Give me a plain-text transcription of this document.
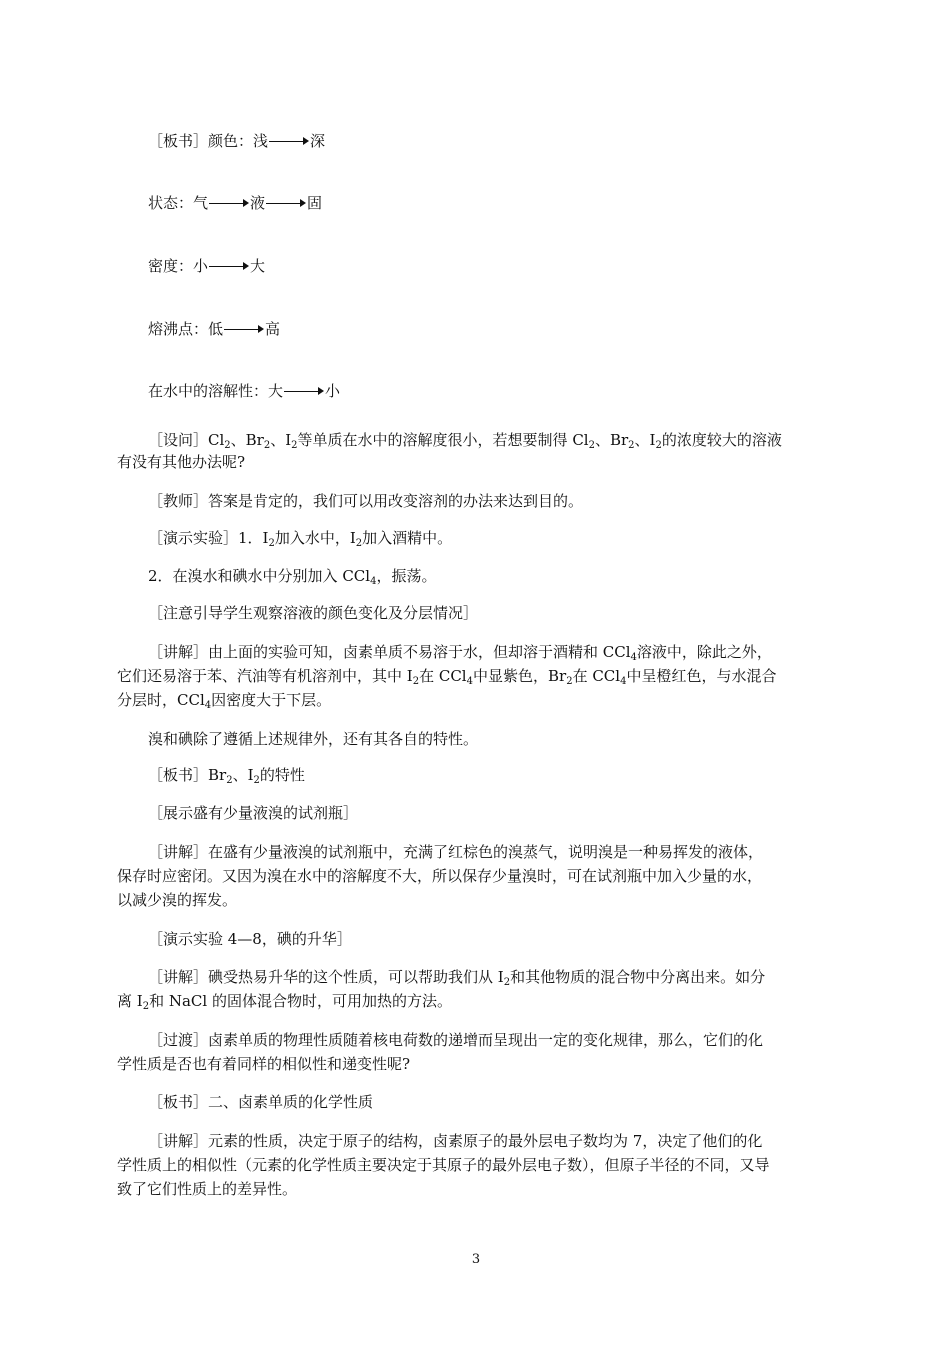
［板书］颜色：浅	深
状态：气	液	固
密度：小	大
熔沸点：低	高
在水中的溶解性：大	小
［设问$]Cl_2$、$Br_2$、$I_2$等单质在水中的溶解度很小，若想要制得 $Cl_2$、$Br_2$、$I_2$的浓度较大的溶液
有没有其他办法呢?
［教师］答案是肯定的，我们可以用改变溶剂的办法来达到目的。
［演示实验］1．$I_2$加入水中，$I_2$加入酒精中。
2．在溴水和碘水中分别加入 CCl$_4$，振荡。
［注意引导学生观察溶液的颜色变化及分层情况］
［讲解］由上面的实验可知，卤素单质不易溶于水，但却溶于酒精和 CCl$_4$溶液中，除此之外，
它们还易溶于苯、汽油等有机溶剂中，其中 $I_2$在 CCl$_4$中显紫色，$Br_2$在 CCl$_4$中呈橙红色，与水混合
分层时，CCl$_4$因密度大于下层。
溴和碘除了遵循上述规律外，还有其各自的特性。
［板书$]Br_2$、$I_2$的特性
［展示盛有少量液溴的试剂瓶］
［讲解］在盛有少量液溴的试剂瓶中，充满了红棕色的溴蒸气，说明溴是一种易挥发的液体，
保存时应密闭。又因为溴在水中的溶解度不大，所以保存少量溴时，可在试剂瓶中加入少量的水，
以减少溴的挥发。
［演示实验 4—8，碘的升华］
［讲解］碘受热易升华的这个性质，可以帮助我们从 $I_2$和其他物质的混合物中分离出来。如分
离 $I_2$和 NaCl 的固体混合物时，可用加热的方法。
［过渡］卤素单质的物理性质随着核电荷数的递增而呈现出一定的变化规律，那么，它们的化
学性质是否也有着同样的相似性和递变性呢?
［板书］二、卤素单质的化学性质
［讲解］元素的性质，决定于原子的结构，卤素原子的最外层电子数均为 7，决定了他们的化
学性质上的相似性（元素的化学性质主要决定于其原子的最外层电子数），但原子半径的不同，又导
致了它们性质上的差异性。
3
